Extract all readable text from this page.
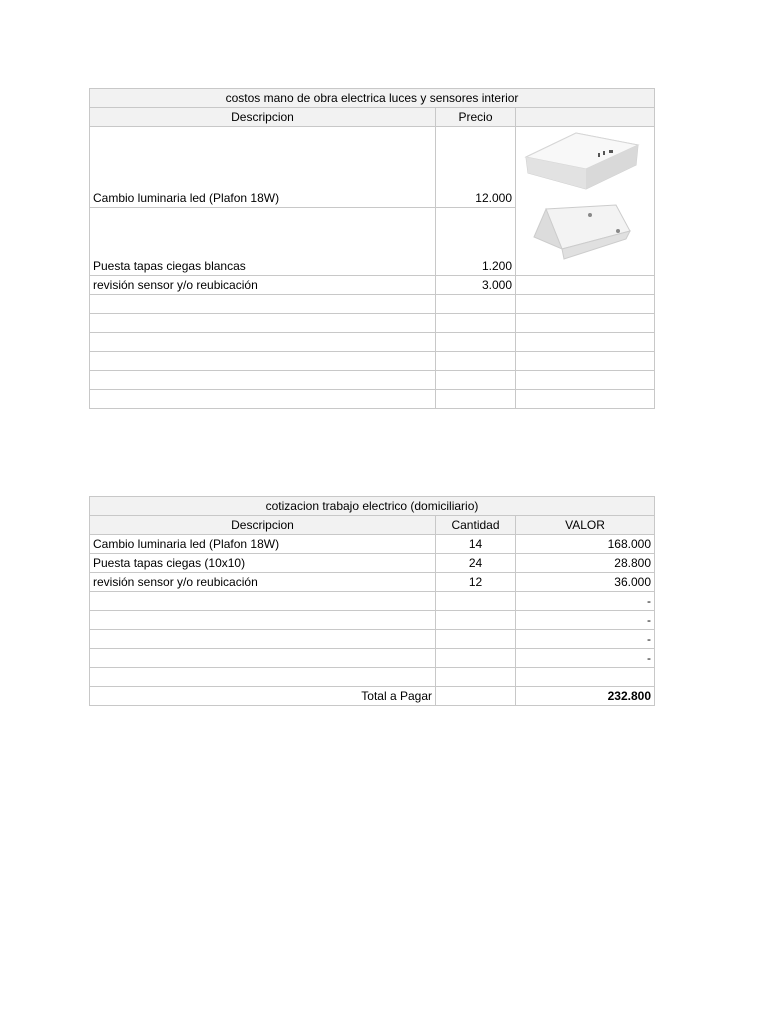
costos mano de obra electrica luces y sensores interior		
Descripcion	Precio	
Cambio luminaria led (Plafon 18W)	12.000	
Puesta tapas ciegas blancas	1.200	
revisión sensor y/o reubicación	3.000	

cotizacion trabajo electrico (domiciliario)		
Descripcion	Cantidad	VALOR
Cambio luminaria led (Plafon 18W)	14	168.000
Puesta tapas ciegas (10x10)	24	28.800
revisión sensor y/o reubicación	12	36.000
		-
		-
		-
		-

Total a Pagar		232.800
